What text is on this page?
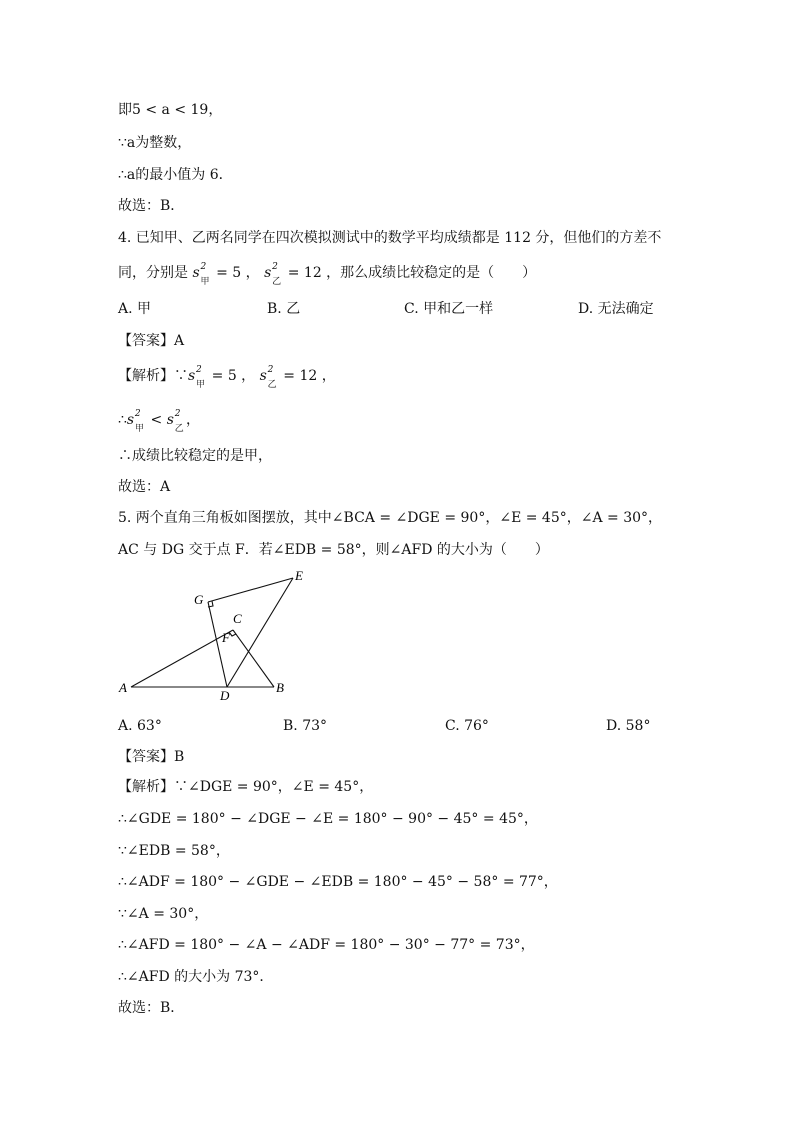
即5 < a < 19，
∵a为整数，
∴a的最小值为 6．
故选：B．
4. 已知甲、乙两名同学在四次模拟测试中的数学平均成绩都是 112 分，但他们的方差不
同，分别是 s 2
甲
= 5 ， s 2
乙
= 12 ，那么成绩比较稳定的是（　　）
A. 甲	B. 乙	C. 甲和乙一样	D. 无法确定
【答案】A
【解析】∵s 2
甲
= 5 ， s 2
乙
= 12 ，
∴s 2
甲
< s 2
乙
，
∴成绩比较稳定的是甲，
故选：A
5. 两个直角三角板如图摆放，其中∠BCA = ∠DGE = 90°，∠E = 45°，∠A = 30°，
AC 与 DG 交于点 F．若∠EDB = 58°，则∠AFD 的大小为（　　）
A	B
C
D
E
F
G
A. 63°	B. 73°	C. 76°	D. 58°
【答案】B
【解析】∵∠DGE = 90°，∠E = 45°，
∴∠GDE = 180° − ∠DGE − ∠E = 180° − 90° − 45° = 45°，
∵∠EDB = 58°，
∴∠ADF = 180° − ∠GDE − ∠EDB = 180° − 45° − 58° = 77°，
∵∠A = 30°，
∴∠AFD = 180° − ∠A − ∠ADF = 180° − 30° − 77° = 73°，
∴∠AFD 的大小为 73°．
故选：B．
